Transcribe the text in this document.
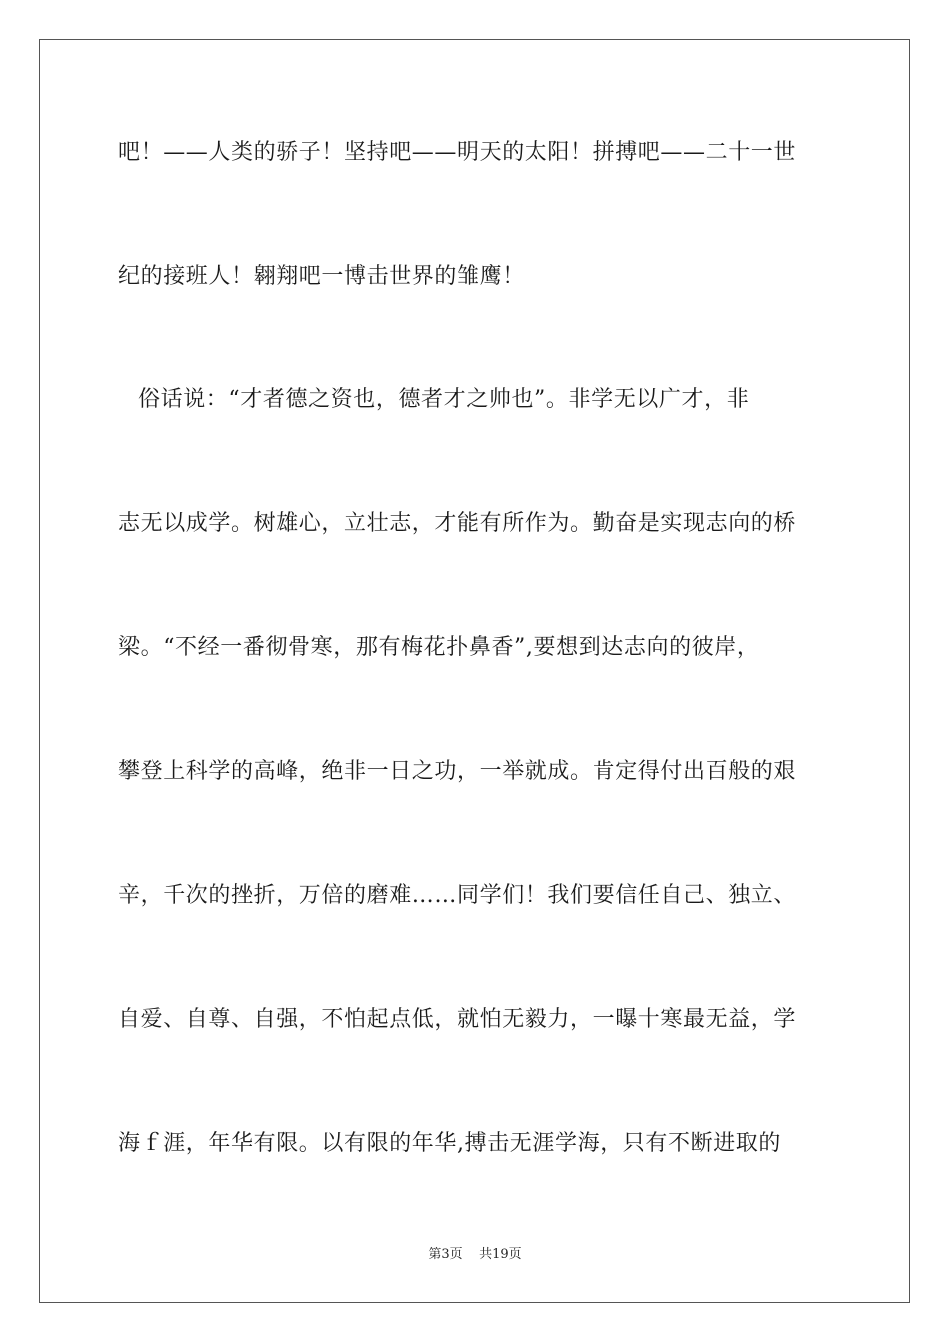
吧！——人类的骄子！坚持吧——明天的太阳！拼搏吧——二十一世
纪的接班人！翱翔吧一博击世界的雏鹰！
俗话说：“才者德之资也，德者才之帅也”。非学无以广才，非
志无以成学。树雄心，立壮志，才能有所作为。勤奋是实现志向的桥
梁。“不经一番彻骨寒，那有梅花扑鼻香”,要想到达志向的彼岸，
攀登上科学的高峰，绝非一日之功，一举就成。肯定得付出百般的艰
辛，千次的挫折，万倍的磨难……同学们！我们要信任自己、独立、
自爱、自尊、自强，不怕起点低，就怕无毅力，一曝十寒最无益，学
海ｆ涯，年华有限。以有限的年华,搏击无涯学海，只有不断进取的
第3页 共19页
